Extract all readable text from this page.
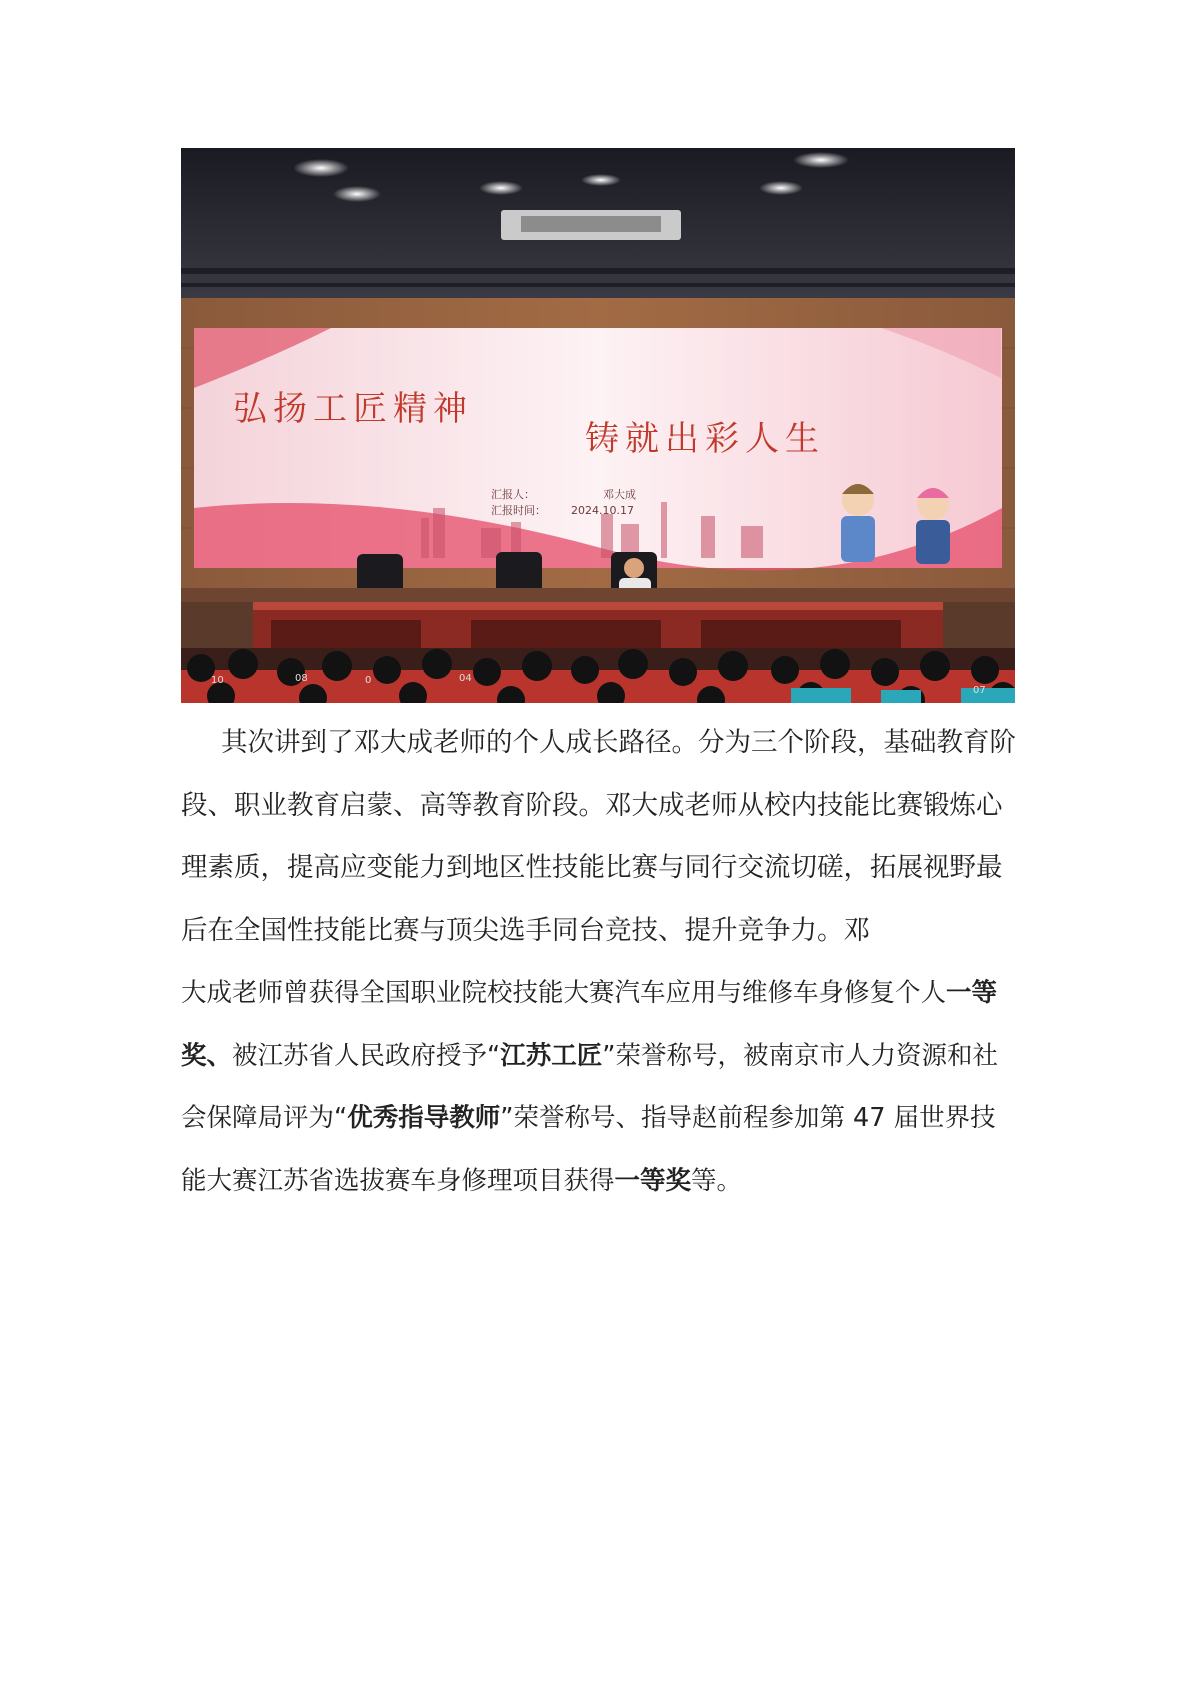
弘扬工匠精神
铸就出彩人生
汇报人：	邓大成
汇报时间： 2024.10.17
10	08	0	04
07

其次讲到了邓大成老师的个人成长路径。分为三个阶段，基础教育阶段、职业教育启蒙、高等教育阶段。邓大成老师从校内技能比赛锻炼心理素质，提高应变能力到地区性技能比赛与同行交流切磋，拓展视野最后在全国性技能比赛与顶尖选手同台竞技、提升竞争力。邓

大成老师曾获得全国职业院校技能大赛汽车应用与维修车身修复个人一等奖、被江苏省人民政府授予“江苏工匠”荣誉称号，被南京市人力资源和社会保障局评为“优秀指导教师”荣誉称号、指导赵前程参加第 47 届世界技能大赛江苏省选拔赛车身修理项目获得一等奖等。
